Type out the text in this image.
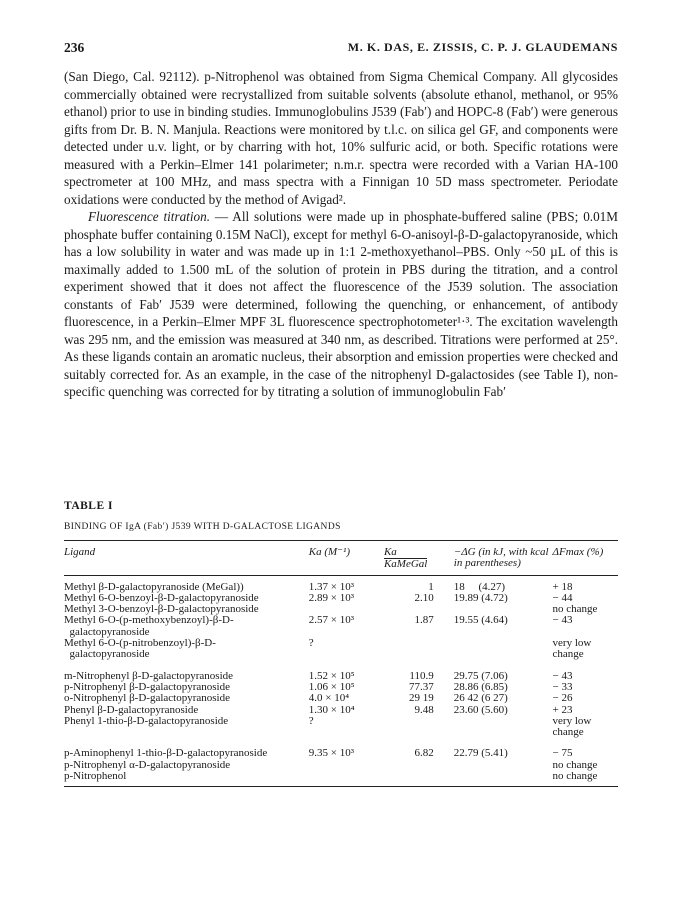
236	M. K. DAS, E. ZISSIS, C. P. J. GLAUDEMANS

(San Diego, Cal. 92112). p-Nitrophenol was obtained from Sigma Chemical Company. All glycosides commercially obtained were recrystallized from suitable solvents (absolute ethanol, methanol, or 95% ethanol) prior to use in binding studies. Immunoglobulins J539 (Fab′) and HOPC-8 (Fab′) were generous gifts from Dr. B. N. Manjula. Reactions were monitored by t.l.c. on silica gel GF, and components were detected under u.v. light, or by charring with hot, 10% sulfuric acid, or both. Specific rotations were measured with a Perkin–Elmer 141 polarimeter; n.m.r. spectra were recorded with a Varian HA-100 spectrometer at 100 MHz, and mass spectra with a Finnigan 10 5D mass spectrometer. Periodate oxidations were conducted by the method of Avigad².

Fluorescence titration. — All solutions were made up in phosphate-buffered saline (PBS; 0.01M phosphate buffer containing 0.15M NaCl), except for methyl 6-O-anisoyl-β-D-galactopyranoside, which has a low solubility in water and was made up in 1:1 2-methoxyethanol–PBS. Only ~50 µL of this is maximally added to 1.500 mL of the solution of protein in PBS during the titration, and a control experiment showed that it does not affect the fluorescence of the J539 solution. The association constants of Fab′ J539 were determined, following the quenching, or enhancement, of antibody fluorescence, in a Perkin–Elmer MPF 3L fluorescence spectrophotometer¹·³. The excitation wavelength was 295 nm, and the emission was measured at 340 nm, as described. Titrations were performed at 25°. As these ligands contain an aromatic nucleus, their absorption and emission properties were checked and suitably corrected for. As an example, in the case of the nitrophenyl D-galactosides (see Table I), non-specific quenching was corrected for by titrating a solution of immunoglobulin Fab′

TABLE I
BINDING OF IgA (Fab′) J539 WITH D-GALACTOSE LIGANDS
Ligand	Ka (M⁻¹)	$\frac{Ka}{\text{KaMeGal}}$	−ΔG (in kJ, with kcal in parentheses)	ΔFmax (%)
Methyl β-D-galactopyranoside (MeGal))	1.37 × 10³	1	18     (4.27)	+ 18
Methyl 6-O-benzoyl-β-D-galactopyranoside	2.89 × 10³	2.10	19.89 (4.72)	− 44
Methyl 3-O-benzoyl-β-D-galactopyranoside				no change
Methyl 6-O-(p-methoxybenzoyl)-β-D-
galactopyranoside	2.57 × 10³	1.87	19.55 (4.64)	− 43
Methyl 6-O-(p-nitrobenzoyl)-β-D-
galactopyranoside	?			very low
change
m-Nitrophenyl β-D-galactopyranoside	1.52 × 10⁵	110.9	29.75 (7.06)	− 43
p-Nitrophenyl β-D-galactopyranoside	1.06 × 10⁵	77.37	28.86 (6.85)	− 33
o-Nitrophenyl β-D-galactopyranoside	4.0 × 10⁴	29 19	26 42 (6 27)	− 26
Phenyl β-D-galactopyranoside	1.30 × 10⁴	9.48	23.60 (5.60)	+ 23
Phenyl 1-thio-β-D-galactopyranoside	?			very low
change
p-Aminophenyl 1-thio-β-D-galactopyranoside	9.35 × 10³	6.82	22.79 (5.41)	− 75
p-Nitrophenyl α-D-galactopyranoside				no change
p-Nitrophenol				no change
